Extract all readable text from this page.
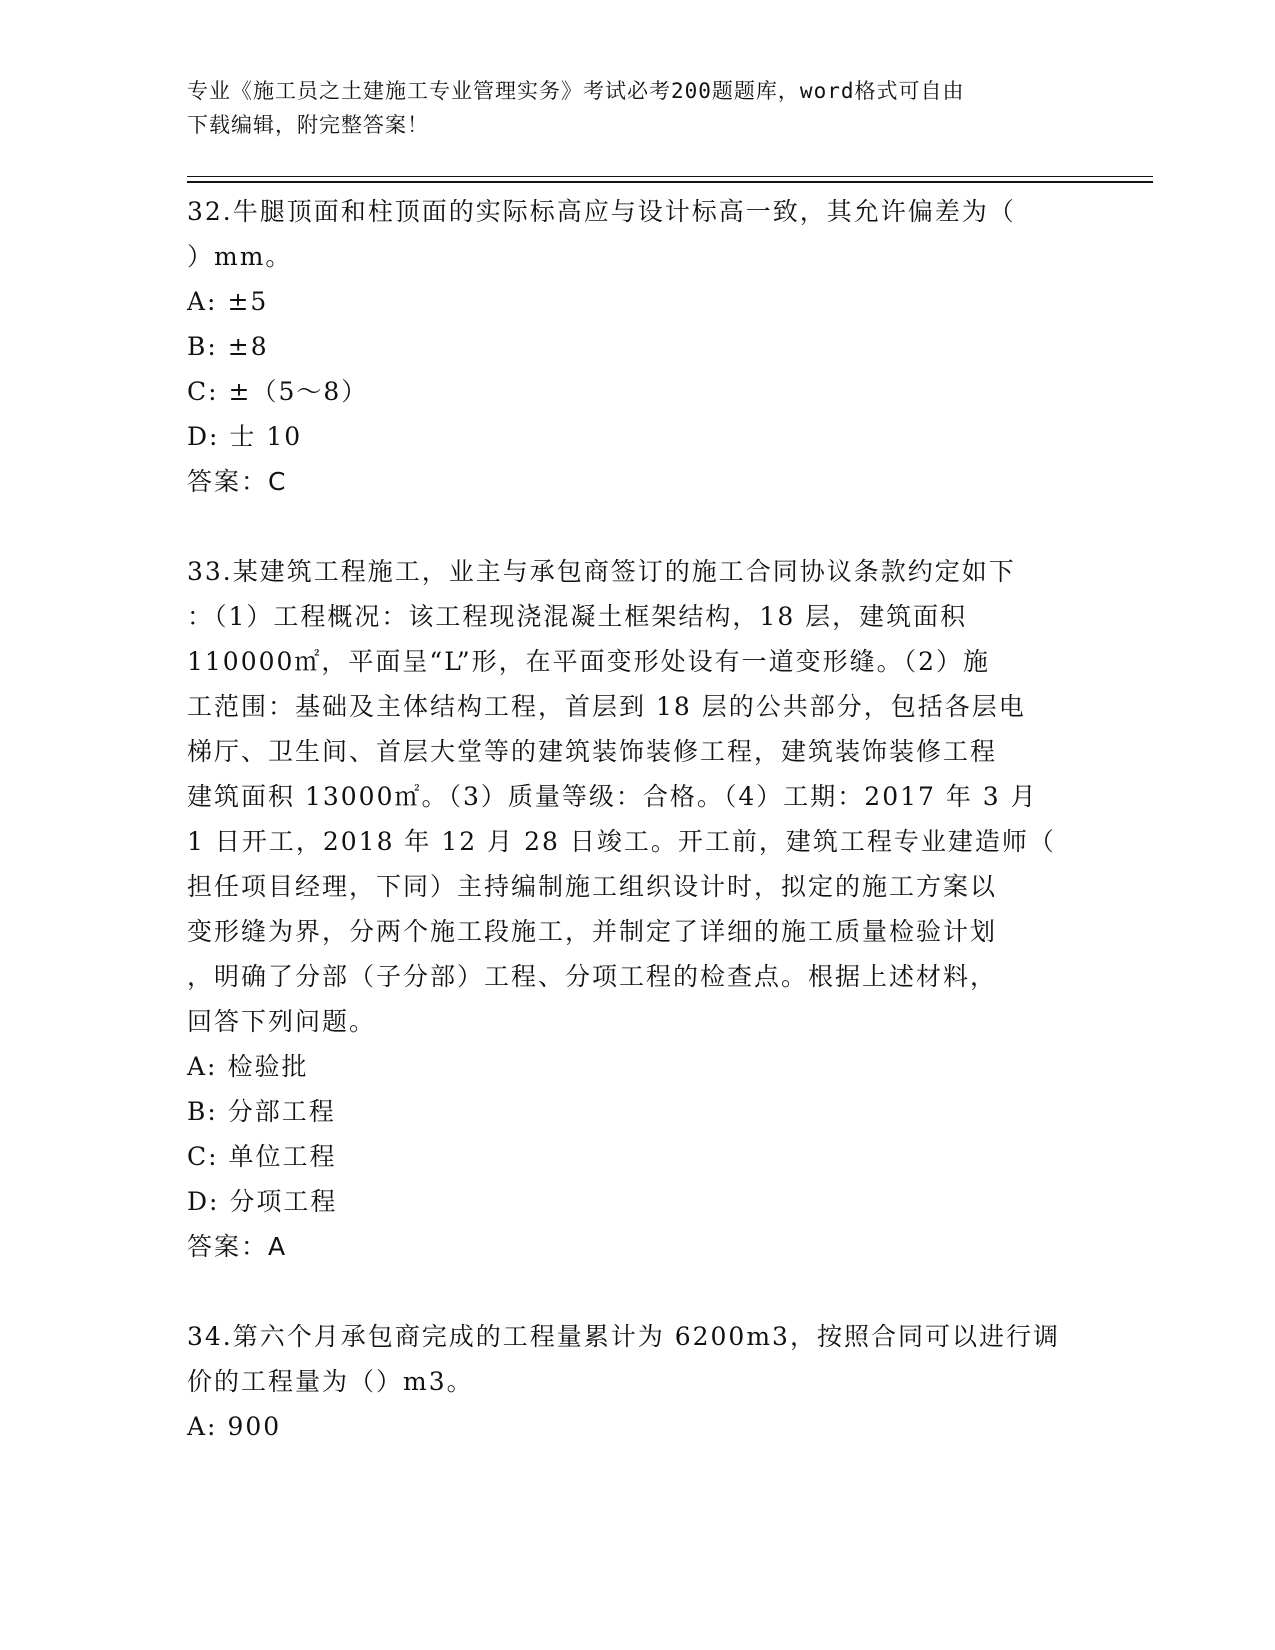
专业《施工员之土建施工专业管理实务》考试必考200题题库，word格式可自由
下载编辑，附完整答案！
32.牛腿顶面和柱顶面的实际标高应与设计标高一致，其允许偏差为（
）mm。
A: ±5
B: ±8
C: ±（5～8）
D: 士 10
答案：C
33.某建筑工程施工，业主与承包商签订的施工合同协议条款约定如下
：（1）工程概况：该工程现浇混凝土框架结构，18 层，建筑面积
110000㎡，平面呈“L”形，在平面变形处设有一道变形缝。（2）施
工范围：基础及主体结构工程，首层到 18 层的公共部分，包括各层电
梯厅、卫生间、首层大堂等的建筑装饰装修工程，建筑装饰装修工程
建筑面积 13000㎡。（3）质量等级：合格。（4）工期：2017 年 3 月
1 日开工，2018 年 12 月 28 日竣工。开工前，建筑工程专业建造师（
担任项目经理，下同）主持编制施工组织设计时，拟定的施工方案以
变形缝为界，分两个施工段施工，并制定了详细的施工质量检验计划
，明确了分部（子分部）工程、分项工程的检查点。根据上述材料，
回答下列问题。
A: 检验批
B: 分部工程
C: 单位工程
D: 分项工程
答案：A
34.第六个月承包商完成的工程量累计为 6200m3，按照合同可以进行调
价的工程量为（）m3。
A: 900
